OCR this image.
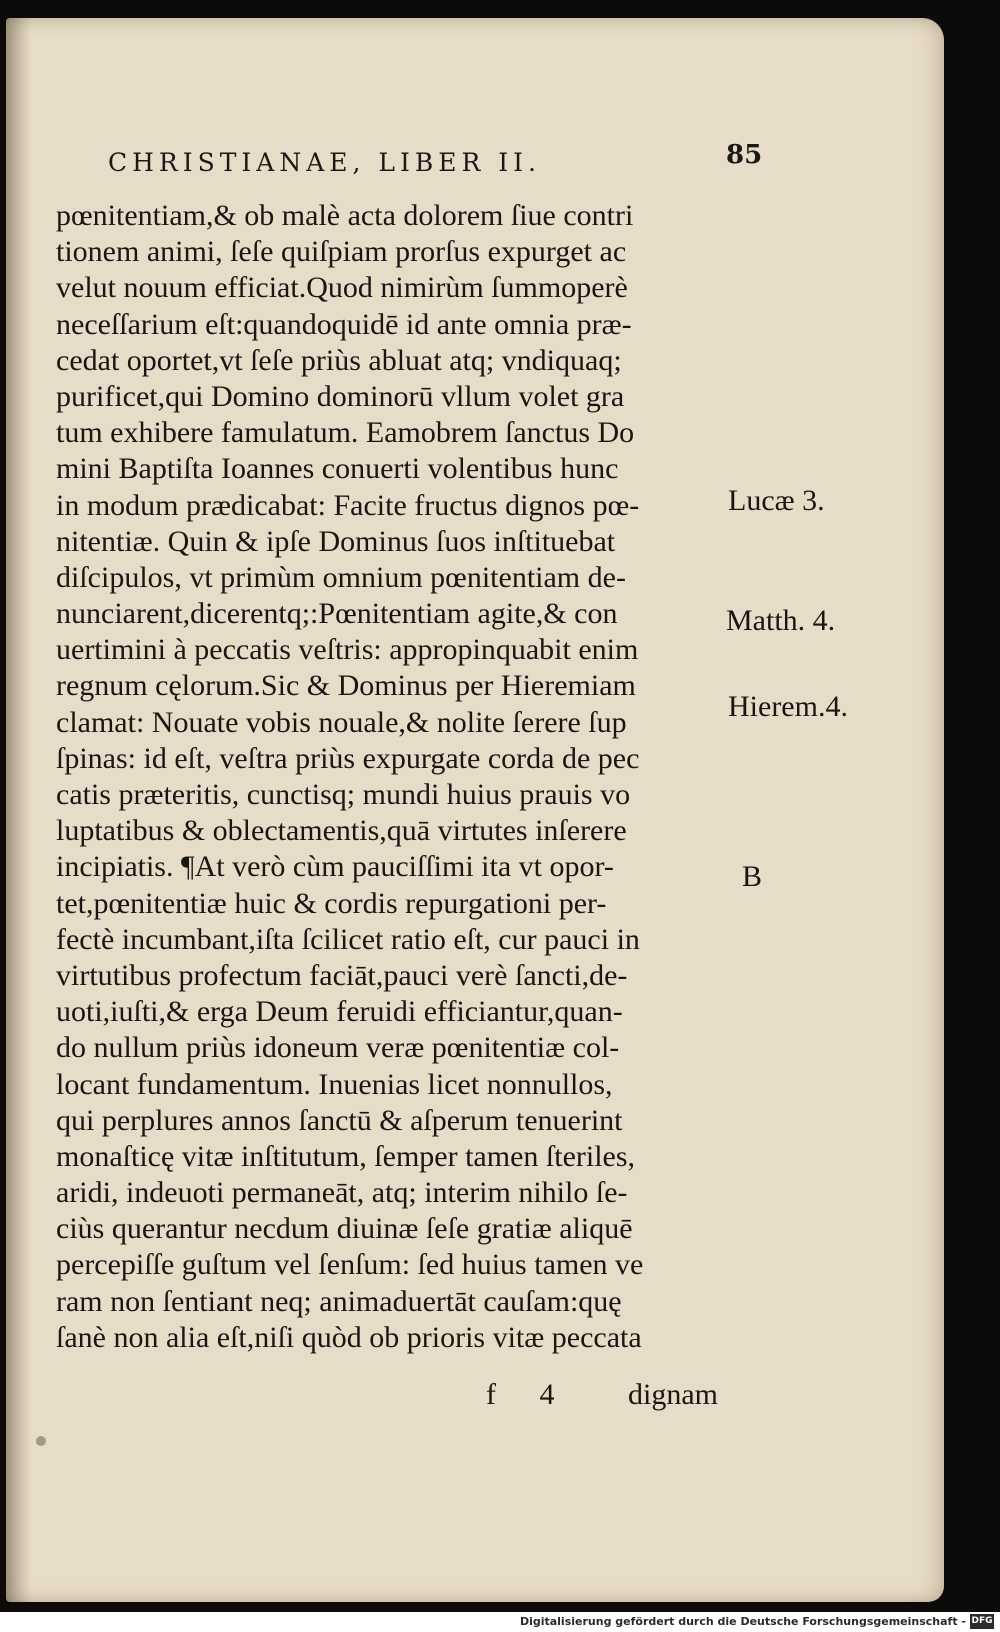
CHRISTIANAE, LIBER II.	85
pœnitentiam,& ob malè acta dolorem ſiue contri
tionem animi, ſeſe quiſpiam prorſus expurget ac
velut nouum efficiat.Quod nimirùm ſummoperè
neceſſarium eſt:quandoquidē id ante omnia præ-
cedat oportet,vt ſeſe priùs abluat atq; vndiquaq;
purificet,qui Domino dominorū vllum volet gra
tum exhibere famulatum. Eamobrem ſanctus Do
mini Baptiſta Ioannes conuerti volentibus hunc
in modum prædicabat: Facite fructus dignos pœ-
nitentiæ. Quin & ipſe Dominus ſuos inſtituebat
diſcipulos, vt primùm omnium pœnitentiam de-
nunciarent,dicerentq;:Pœnitentiam agite,& con
uertimini à peccatis veſtris: appropinquabit enim
regnum cęlorum.Sic & Dominus per Hieremiam
clamat: Nouate vobis nouale,& nolite ſerere ſup
ſpinas: id eſt, veſtra priùs expurgate corda de pec
catis præteritis, cunctisq; mundi huius prauis vo
luptatibus & oblectamentis,quā virtutes inſerere
incipiatis. ¶At verò cùm pauciſſimi ita vt opor-
tet,pœnitentiæ huic & cordis repurgationi per-
fectè incumbant,iſta ſcilicet ratio eſt, cur pauci in
virtutibus profectum faciāt,pauci verè ſancti,de-
uoti,iuſti,& erga Deum feruidi efficiantur,quan-
do nullum priùs idoneum veræ pœnitentiæ col-
locant fundamentum. Inuenias licet nonnullos,
qui perplures annos ſanctū & aſperum tenuerint
monaſticę vitæ inſtitutum, ſemper tamen ſteriles,
aridi, indeuoti permaneāt, atq; interim nihilo ſe-
ciùs querantur necdum diuinæ ſeſe gratiæ aliquē
percepiſſe guſtum vel ſenſum: ſed huius tamen ve
ram non ſentiant neq; animaduertāt cauſam:quę
ſanè non alia eſt,niſi quòd ob prioris vitæ peccata
Lucæ 3.
Matth. 4.
Hierem.4.
B
f 4 dignam
Digitalisierung gefördert durch die Deutsche Forschungsgemeinschaft - DFG
